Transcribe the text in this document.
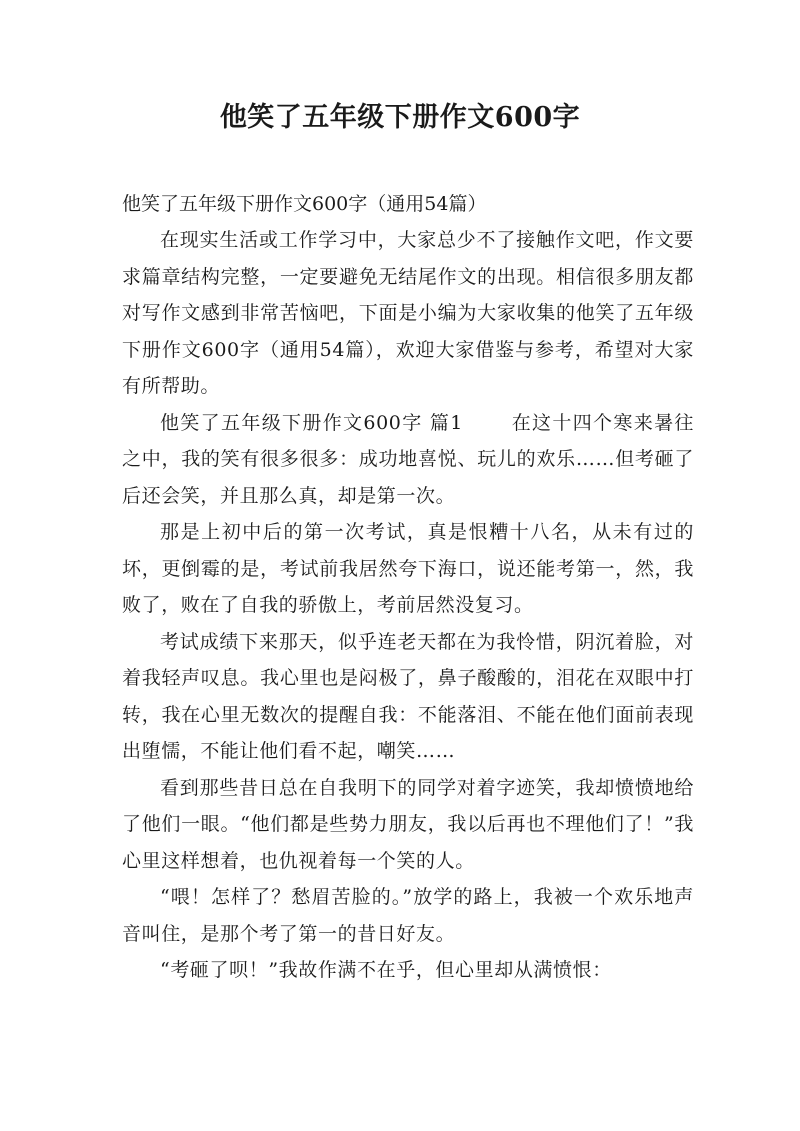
他笑了五年级下册作文600字
他笑了五年级下册作文600字（通用54篇）

在现实生活或工作学习中，大家总少不了接触作文吧，作文要求篇章结构完整，一定要避免无结尾作文的出现。相信很多朋友都对写作文感到非常苦恼吧，下面是小编为大家收集的他笑了五年级下册作文600字（通用54篇），欢迎大家借鉴与参考，希望对大家有所帮助。

他笑了五年级下册作文600字 篇1	在这十四个寒来暑往之中，我的笑有很多很多：成功地喜悦、玩儿的欢乐……但考砸了后还会笑，并且那么真，却是第一次。

那是上初中后的第一次考试，真是恨糟十八名，从未有过的坏，更倒霉的是，考试前我居然夸下海口，说还能考第一，然，我败了，败在了自我的骄傲上，考前居然没复习。

考试成绩下来那天，似乎连老天都在为我怜惜，阴沉着脸，对着我轻声叹息。我心里也是闷极了，鼻子酸酸的，泪花在双眼中打转，我在心里无数次的提醒自我：不能落泪、不能在他们面前表现出堕懦，不能让他们看不起，嘲笑……

看到那些昔日总在自我明下的同学对着字迹笑，我却愤愤地给了他们一眼。“他们都是些势力朋友，我以后再也不理他们了！”我心里这样想着，也仇视着每一个笑的人。

“喂！怎样了？愁眉苦脸的。”放学的路上，我被一个欢乐地声音叫住，是那个考了第一的昔日好友。

“考砸了呗！”我故作满不在乎，但心里却从满愤恨：
